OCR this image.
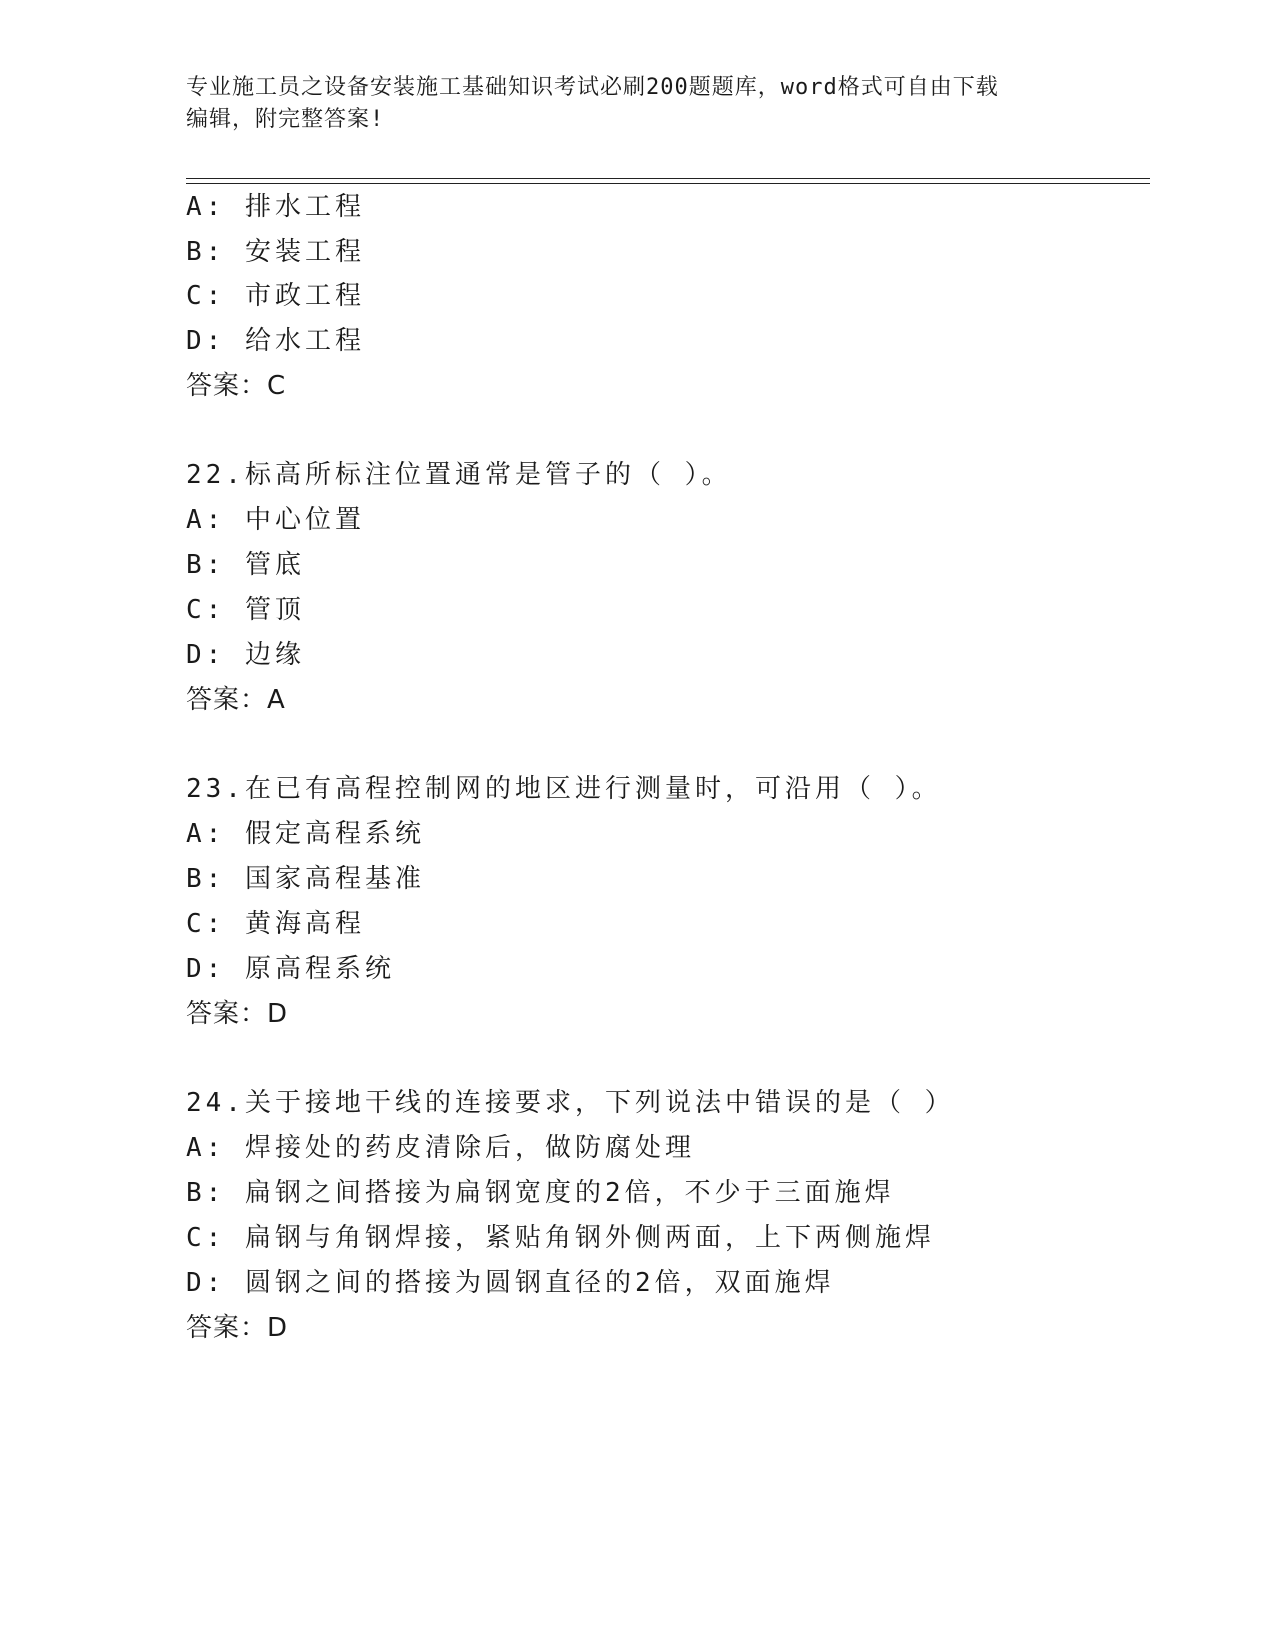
专业施工员之设备安装施工基础知识考试必刷200题题库，word格式可自由下载
编辑，附完整答案!
A: 排水工程
B: 安装工程
C: 市政工程
D: 给水工程
答案：C
22.标高所标注位置通常是管子的（ ）。
A: 中心位置
B: 管底
C: 管顶
D: 边缘
答案：A
23.在已有高程控制网的地区进行测量时，可沿用（ ）。
A: 假定高程系统
B: 国家高程基准
C: 黄海高程
D: 原高程系统
答案：D
24.关于接地干线的连接要求，下列说法中错误的是（ ）
A: 焊接处的药皮清除后，做防腐处理
B: 扁钢之间搭接为扁钢宽度的2倍，不少于三面施焊
C: 扁钢与角钢焊接，紧贴角钢外侧两面，上下两侧施焊
D: 圆钢之间的搭接为圆钢直径的2倍，双面施焊
答案：D
